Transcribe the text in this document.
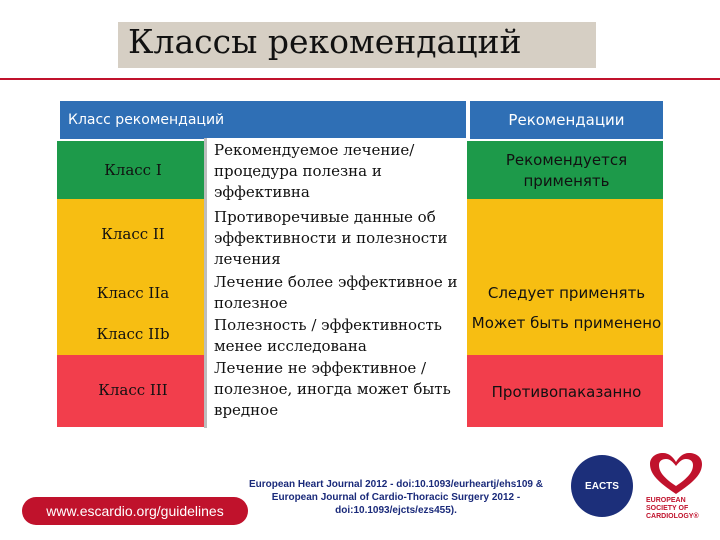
Классы рекомендаций
Класс рекомендаций	Рекомендации
Класс I
Класс II
Класс IIa
Класс IIb
Класс III
Рекомендуемое лечение/ процедура полезна и эффективна
Противоречивые данные об эффективности и полезности лечения
Лечение более эффективное и полезное
Полезность / эффективность менее исследована
Лечение не эффективное / полезное, иногда может быть вредное
Рекомендуется применять
Следует применять
Может быть применено
Противопаказанно
European Heart Journal 2012 - doi:10.1093/eurheartj/ehs109 & European Journal of Cardio-Thoracic Surgery 2012 - doi:10.1093/ejcts/ezs455).
www.escardio.org/guidelines
EACTS
EUROPEAN SOCIETY OF CARDIOLOGY®
